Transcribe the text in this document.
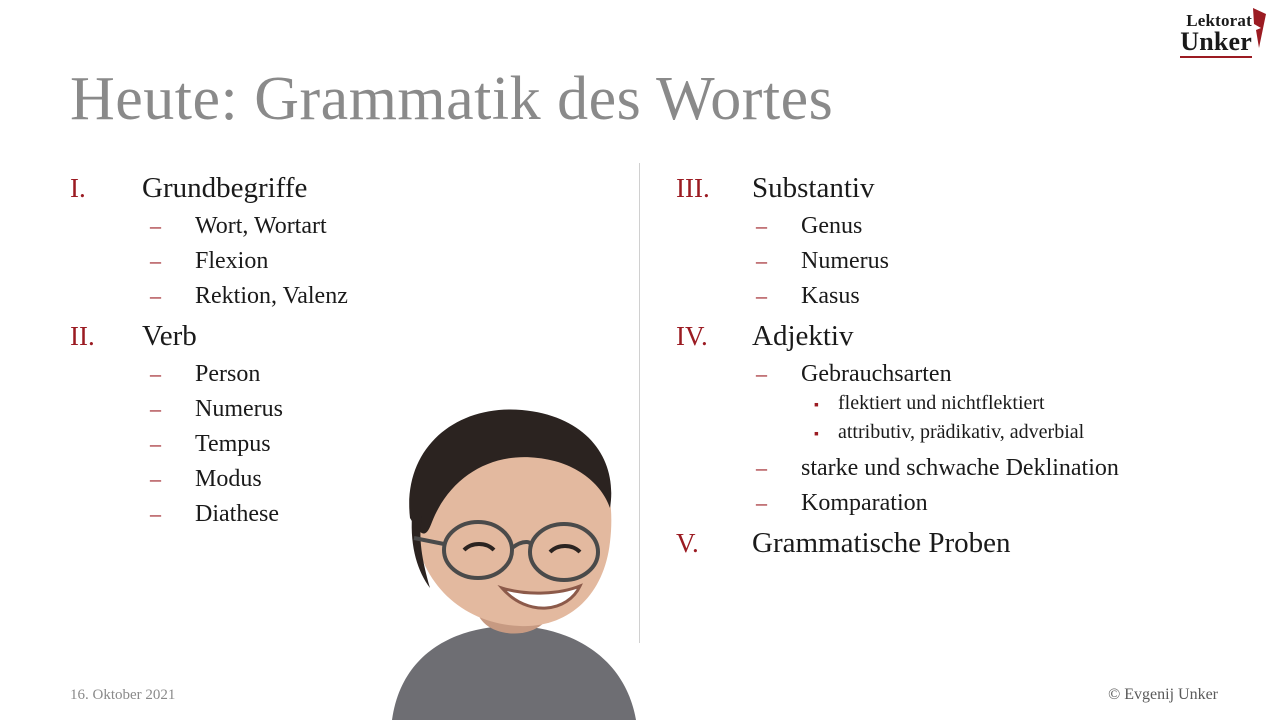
Lektorat
Unker
Heute: Grammatik des Wortes
I.	Grundbegriffe
–	Wort, Wortart
–	Flexion
–	Rektion, Valenz
II.	Verb
–	Person
–	Numerus
–	Tempus
–	Modus
–	Diathese
III.	Substantiv
–	Genus
–	Numerus
–	Kasus
IV.	Adjektiv
–	Gebrauchsarten
▪ flektiert und nichtflektiert
▪ attributiv, prädikativ, adverbial
–	starke und schwache Deklination
–	Komparation
V.	Grammatische Proben
16. Oktober 2021	© Evgenij Unker
